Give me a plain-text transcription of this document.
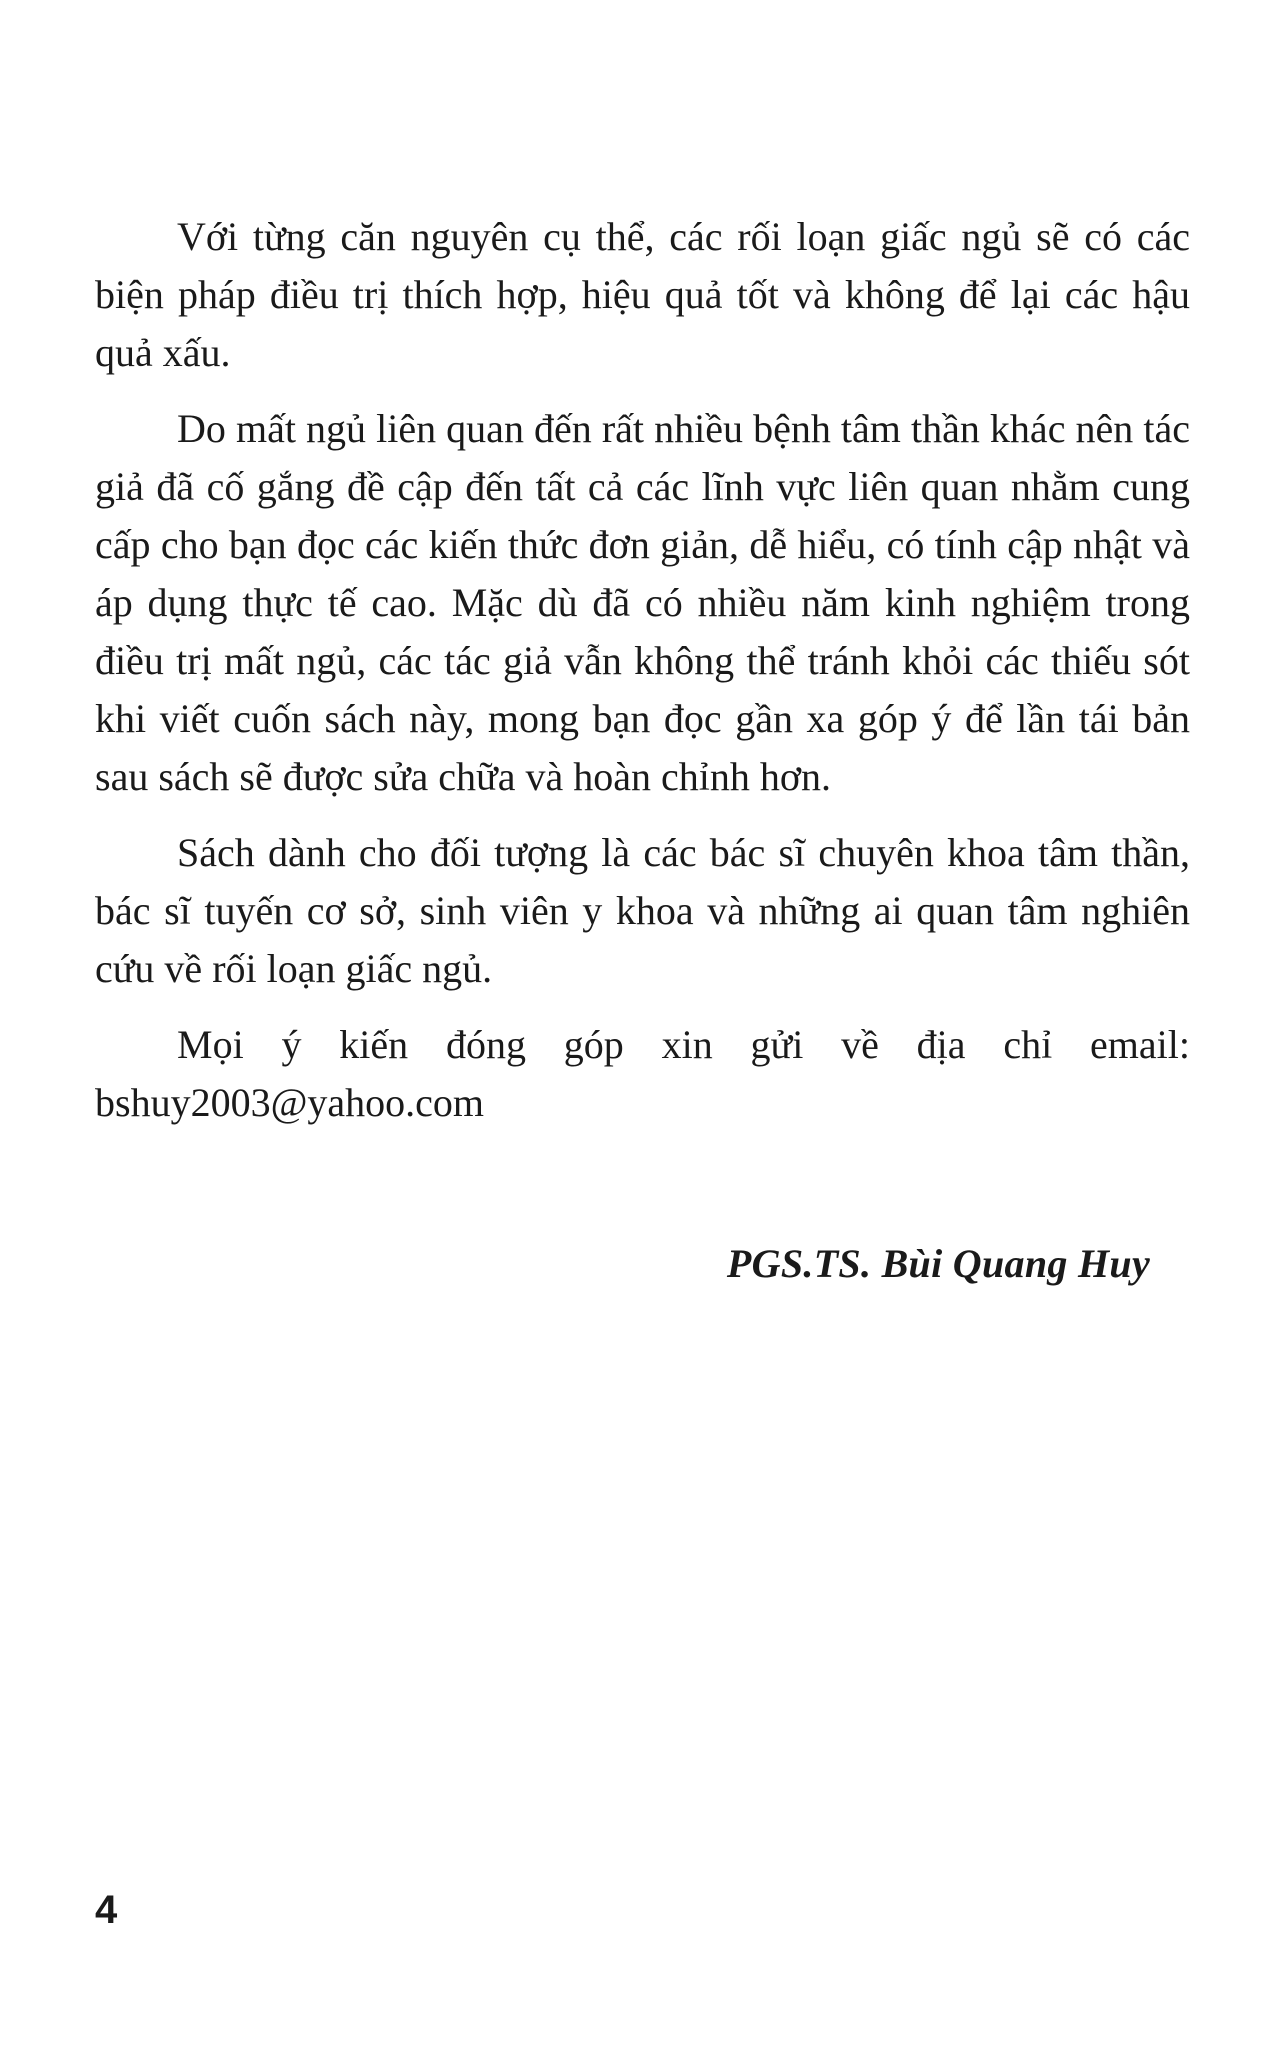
Với từng căn nguyên cụ thể, các rối loạn giấc ngủ sẽ có các biện pháp điều trị thích hợp, hiệu quả tốt và không để lại các hậu quả xấu.

Do mất ngủ liên quan đến rất nhiều bệnh tâm thần khác nên tác giả đã cố gắng đề cập đến tất cả các lĩnh vực liên quan nhằm cung cấp cho bạn đọc các kiến thức đơn giản, dễ hiểu, có tính cập nhật và áp dụng thực tế cao. Mặc dù đã có nhiều năm kinh nghiệm trong điều trị mất ngủ, các tác giả vẫn không thể tránh khỏi các thiếu sót khi viết cuốn sách này, mong bạn đọc gần xa góp ý để lần tái bản sau sách sẽ được sửa chữa và hoàn chỉnh hơn.

Sách dành cho đối tượng là các bác sĩ chuyên khoa tâm thần, bác sĩ tuyến cơ sở, sinh viên y khoa và những ai quan tâm nghiên cứu về rối loạn giấc ngủ.

Mọi ý kiến đóng góp xin gửi về địa chỉ email: bshuy2003@yahoo.com

PGS.TS. Bùi Quang Huy
4
